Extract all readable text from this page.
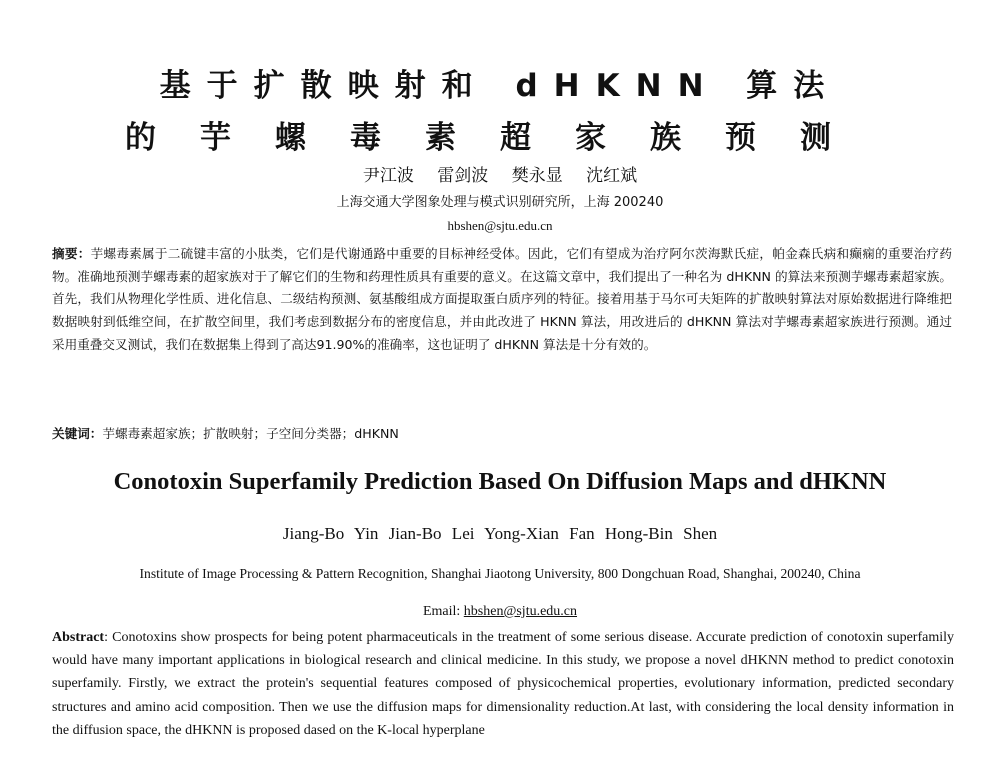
基于扩散映射和 dHKNN 算法
的芋螺毒素超家族预测
尹江波 雷剑波 樊永显 沈红斌
上海交通大学图象处理与模式识别研究所，上海 200240
hbshen@sjtu.edu.cn
摘要：芋螺毒素属于二硫键丰富的小肽类，它们是代谢通路中重要的目标神经受体。因此，它们有望成为治疗阿尔茨海默氏症，帕金森氏病和癫痫的重要治疗药物。准确地预测芋螺毒素的超家族对于了解它们的生物和药理性质具有重要的意义。在这篇文章中，我们提出了一种名为 dHKNN 的算法来预测芋螺毒素超家族。首先，我们从物理化学性质、进化信息、二级结构预测、氨基酸组成方面提取蛋白质序列的特征。接着用基于马尔可夫矩阵的扩散映射算法对原始数据进行降维把数据映射到低维空间，在扩散空间里，我们考虑到数据分布的密度信息，并由此改进了 HKNN 算法，用改进后的 dHKNN 算法对芋螺毒素超家族进行预测。通过采用重叠交叉测试，我们在数据集上得到了高达91.90%的准确率，这也证明了 dHKNN 算法是十分有效的。
关键词：芋螺毒素超家族；扩散映射；子空间分类器；dHKNN
Conotoxin Superfamily Prediction Based On Diffusion Maps and dHKNN
Jiang-Bo Yin Jian-Bo Lei Yong-Xian Fan Hong-Bin Shen
Institute of Image Processing & Pattern Recognition, Shanghai Jiaotong University, 800 Dongchuan Road, Shanghai, 200240, China
Email: hbshen@sjtu.edu.cn
Abstract: Conotoxins show prospects for being potent pharmaceuticals in the treatment of some serious disease. Accurate prediction of conotoxin superfamily would have many important applications in biological research and clinical medicine. In this study, we propose a novel dHKNN method to predict conotoxin superfamily. Firstly, we extract the protein's sequential features composed of physicochemical properties, evolutionary information, predicted secondary structures and amino acid composition. Then we use the diffusion maps for dimensionality reduction.At last, with considering the local density information in the diffusion space, the dHKNN is proposed dased on the K-local hyperplane
